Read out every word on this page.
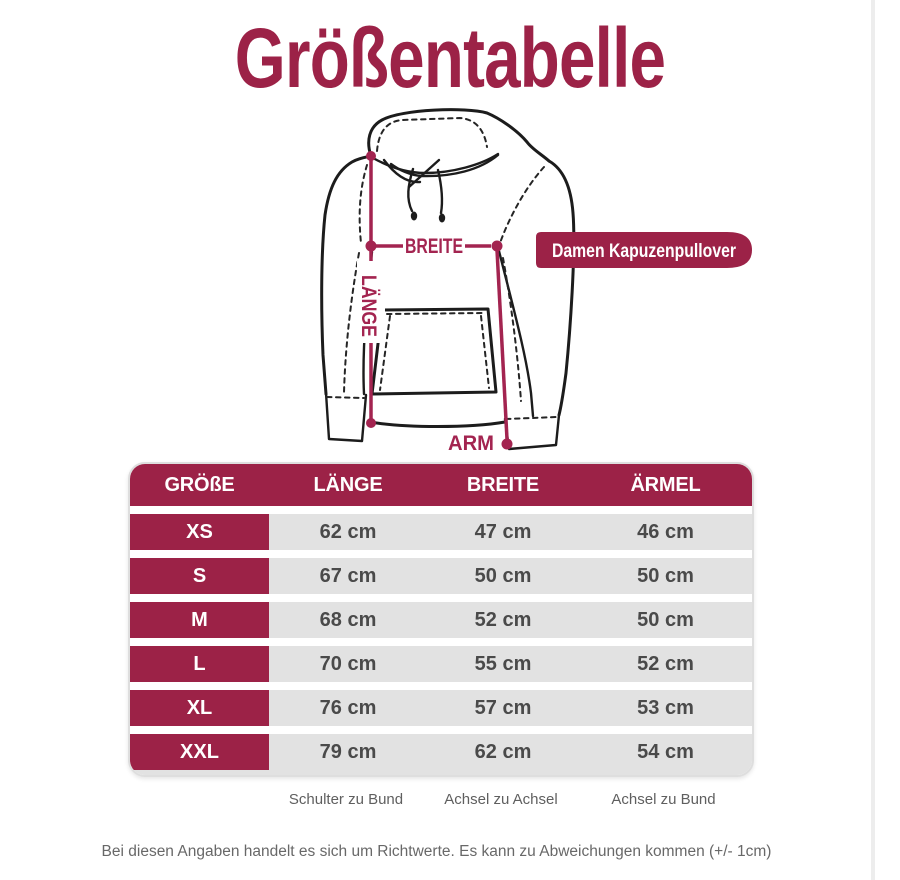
Größentabelle
LÄNGE
BREITE
ARM
Damen Kapuzenpullover
GRÖßE	LÄNGE	BREITE	ÄRMEL
XS	62 cm	47 cm	46 cm
S	67 cm	50 cm	50 cm
M	68 cm	52 cm	50 cm
L	70 cm	55 cm	52 cm
XL	76 cm	57 cm	53 cm
XXL	79 cm	62 cm	54 cm
Schulter zu Bund	Achsel zu Achsel	Achsel zu Bund
Bei diesen Angaben handelt es sich um Richtwerte. Es kann zu Abweichungen kommen (+/- 1cm)
